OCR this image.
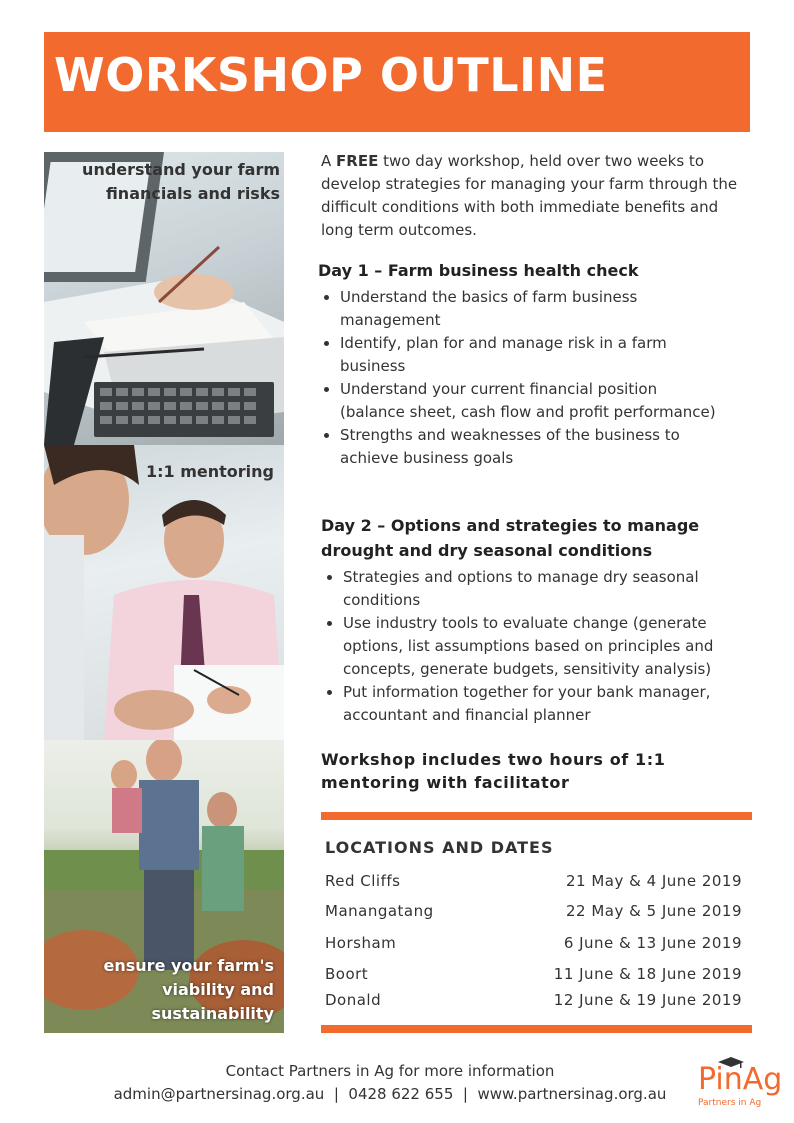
WORKSHOP OUTLINE

understand your farm financials and risks

1:1 mentoring

ensure your farm's viability and sustainability

A FREE two day workshop, held over two weeks to develop strategies for managing your farm through the difficult conditions with both immediate benefits and long term outcomes.

Day 1 – Farm business health check
• Understand the basics of farm business management
• Identify, plan for and manage risk in a farm business
• Understand your current financial position (balance sheet, cash flow and profit performance)
• Strengths and weaknesses of the business to achieve business goals
Day 2 – Options and strategies to manage drought and dry seasonal conditions
• Strategies and options to manage dry seasonal conditions
• Use industry tools to evaluate change (generate options, list assumptions based on principles and concepts, generate budgets, sensitivity analysis)
• Put information together for your bank manager, accountant and financial planner

Workshop includes two hours of 1:1 mentoring with facilitator

LOCATIONS AND DATES
Red Cliffs	21 May & 4 June 2019
Manangatang	22 May & 5 June 2019
Horsham	6 June & 13 June 2019
Boort	11 June & 18 June 2019
Donald	12 June & 19 June 2019

Contact Partners in Ag for more information

admin@partnersinag.org.au  |  0428 622 655  |  www.partnersinag.org.au	PinAg
Partners in Ag
